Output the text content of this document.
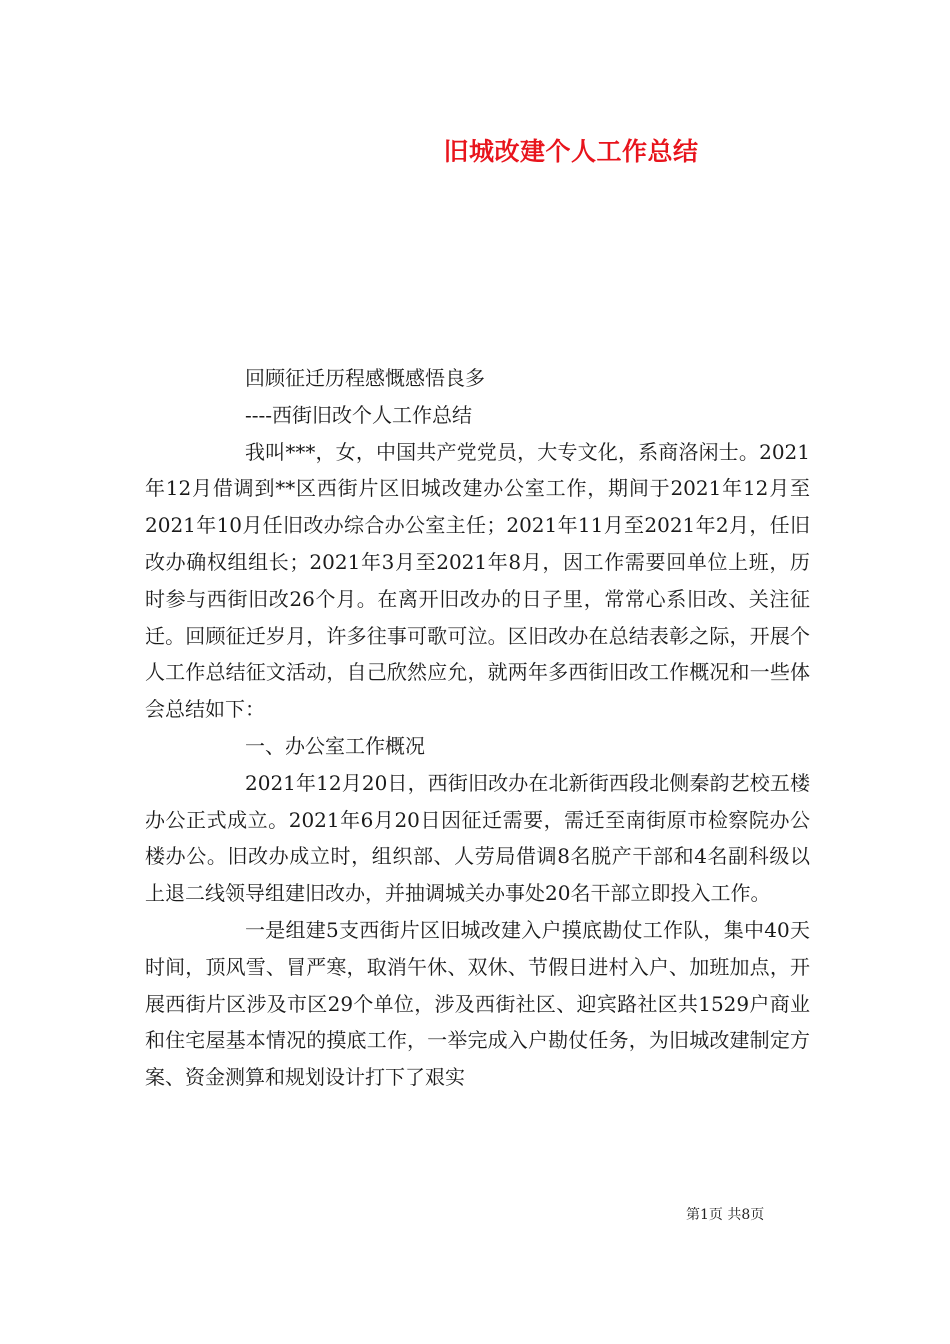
旧城改建个人工作总结

回顾征迁历程感慨感悟良多

----西街旧改个人工作总结

我叫***，女，中国共产党党员，大专文化，系商洛闲士。2021年12月借调到**区西街片区旧城改建办公室工作，期间于2021年12月至2021年10月任旧改办综合办公室主任；2021年11月至2021年2月，任旧改办确权组组长；2021年3月至2021年8月，因工作需要回单位上班，历时参与西街旧改26个月。在离开旧改办的日子里，常常心系旧改、关注征迁。回顾征迁岁月，许多往事可歌可泣。区旧改办在总结表彰之际，开展个人工作总结征文活动，自己欣然应允，就两年多西街旧改工作概况和一些体会总结如下：

一、办公室工作概况

2021年12月20日，西街旧改办在北新街西段北侧秦韵艺校五楼办公正式成立。2021年6月20日因征迁需要，需迁至南街原市检察院办公楼办公。旧改办成立时，组织部、人劳局借调8名脱产干部和4名副科级以上退二线领导组建旧改办，并抽调城关办事处20名干部立即投入工作。

一是组建5支西街片区旧城改建入户摸底勘仗工作队，集中40天时间，顶风雪、冒严寒，取消午休、双休、节假日进村入户、加班加点，开展西街片区涉及市区29个单位，涉及西街社区、迎宾路社区共1529户商业和住宅屋基本情况的摸底工作，一举完成入户勘仗任务，为旧城改建制定方案、资金测算和规划设计打下了艰实

第1页 共8页
